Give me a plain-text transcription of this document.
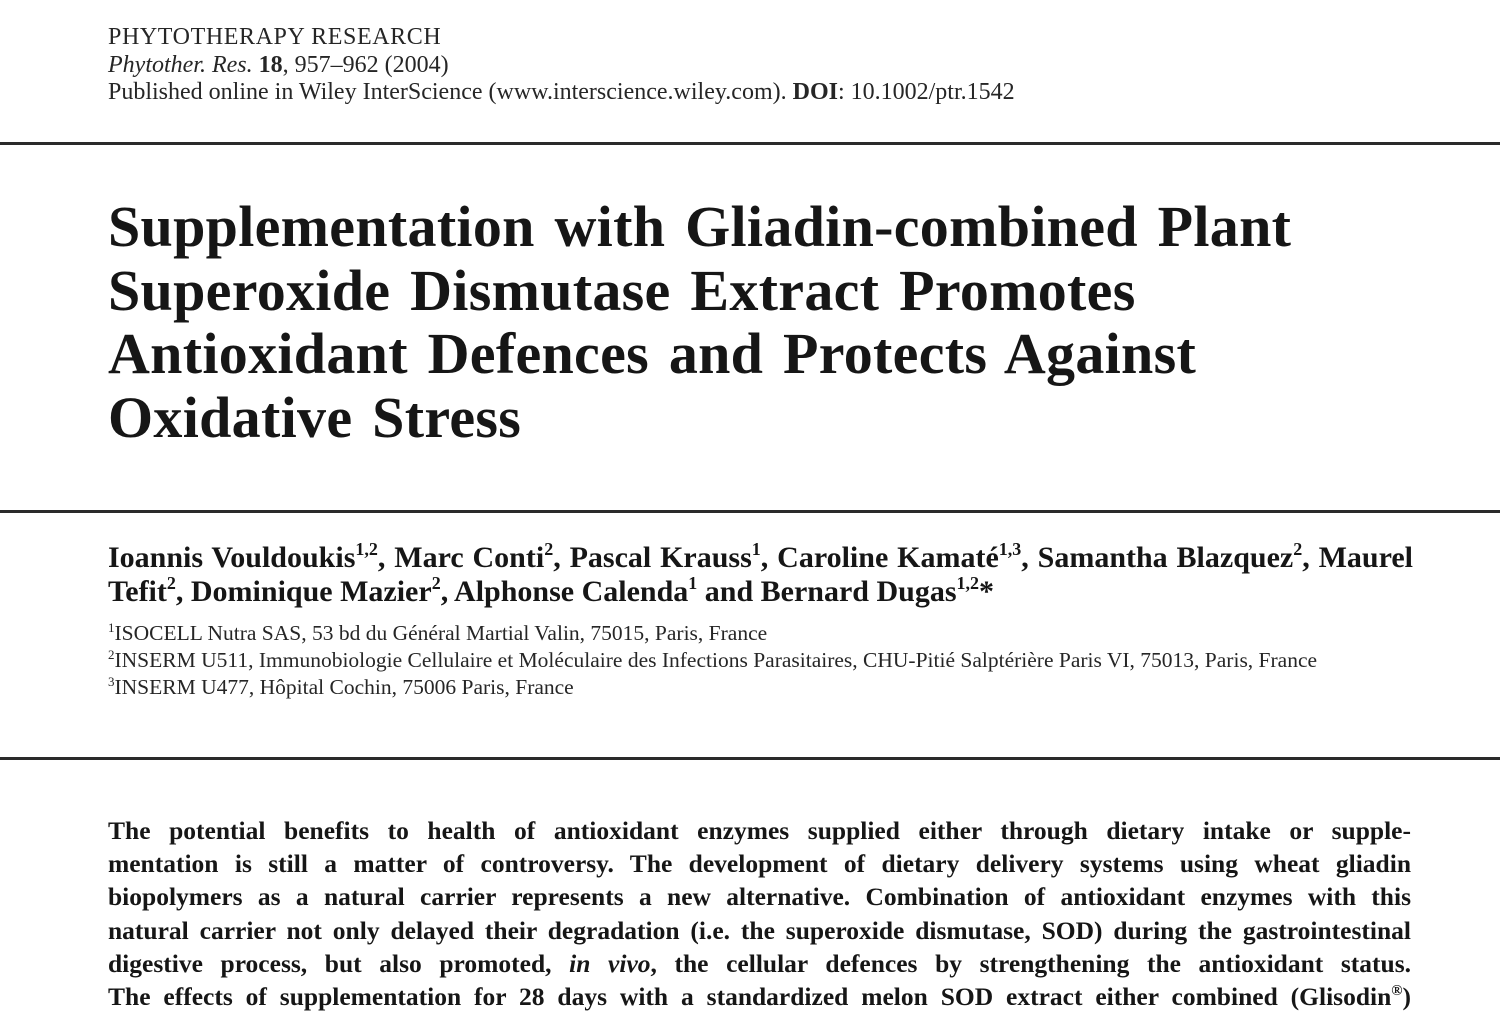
PHYTOTHERAPY RESEARCH
Phytother. Res. 18, 957–962 (2004)
Published online in Wiley InterScience (www.interscience.wiley.com). DOI: 10.1002/ptr.1542
Supplementation with Gliadin-combined Plant Superoxide Dismutase Extract Promotes Antioxidant Defences and Protects Against Oxidative Stress
Ioannis Vouldoukis$^{1,2}$, Marc Conti$^2$, Pascal Krauss$^1$, Caroline Kamaté$^{1,3}$, Samantha Blazquez$^2$, Maurel Tefit$^2$, Dominique Mazier$^2$, Alphonse Calenda$^1$ and Bernard Dugas$^{1,2}$*
$^1$ISOCELL Nutra SAS, 53 bd du Général Martial Valin, 75015, Paris, France
$^2$INSERM U511, Immunobiologie Cellulaire et Moléculaire des Infections Parasitaires, CHU-Pitié Salptérière Paris VI, 75013, Paris, France
$^3$INSERM U477, Hôpital Cochin, 75006 Paris, France
The potential benefits to health of antioxidant enzymes supplied either through dietary intake or supple-
mentation is still a matter of controversy. The development of dietary delivery systems using wheat gliadin
biopolymers as a natural carrier represents a new alternative. Combination of antioxidant enzymes with this
natural carrier not only delayed their degradation (i.e. the superoxide dismutase, SOD) during the gastrointestinal
digestive process, but also promoted, in vivo, the cellular defences by strengthening the antioxidant status.
The effects of supplementation for 28 days with a standardized melon SOD extract either combined (Glisodin®)
